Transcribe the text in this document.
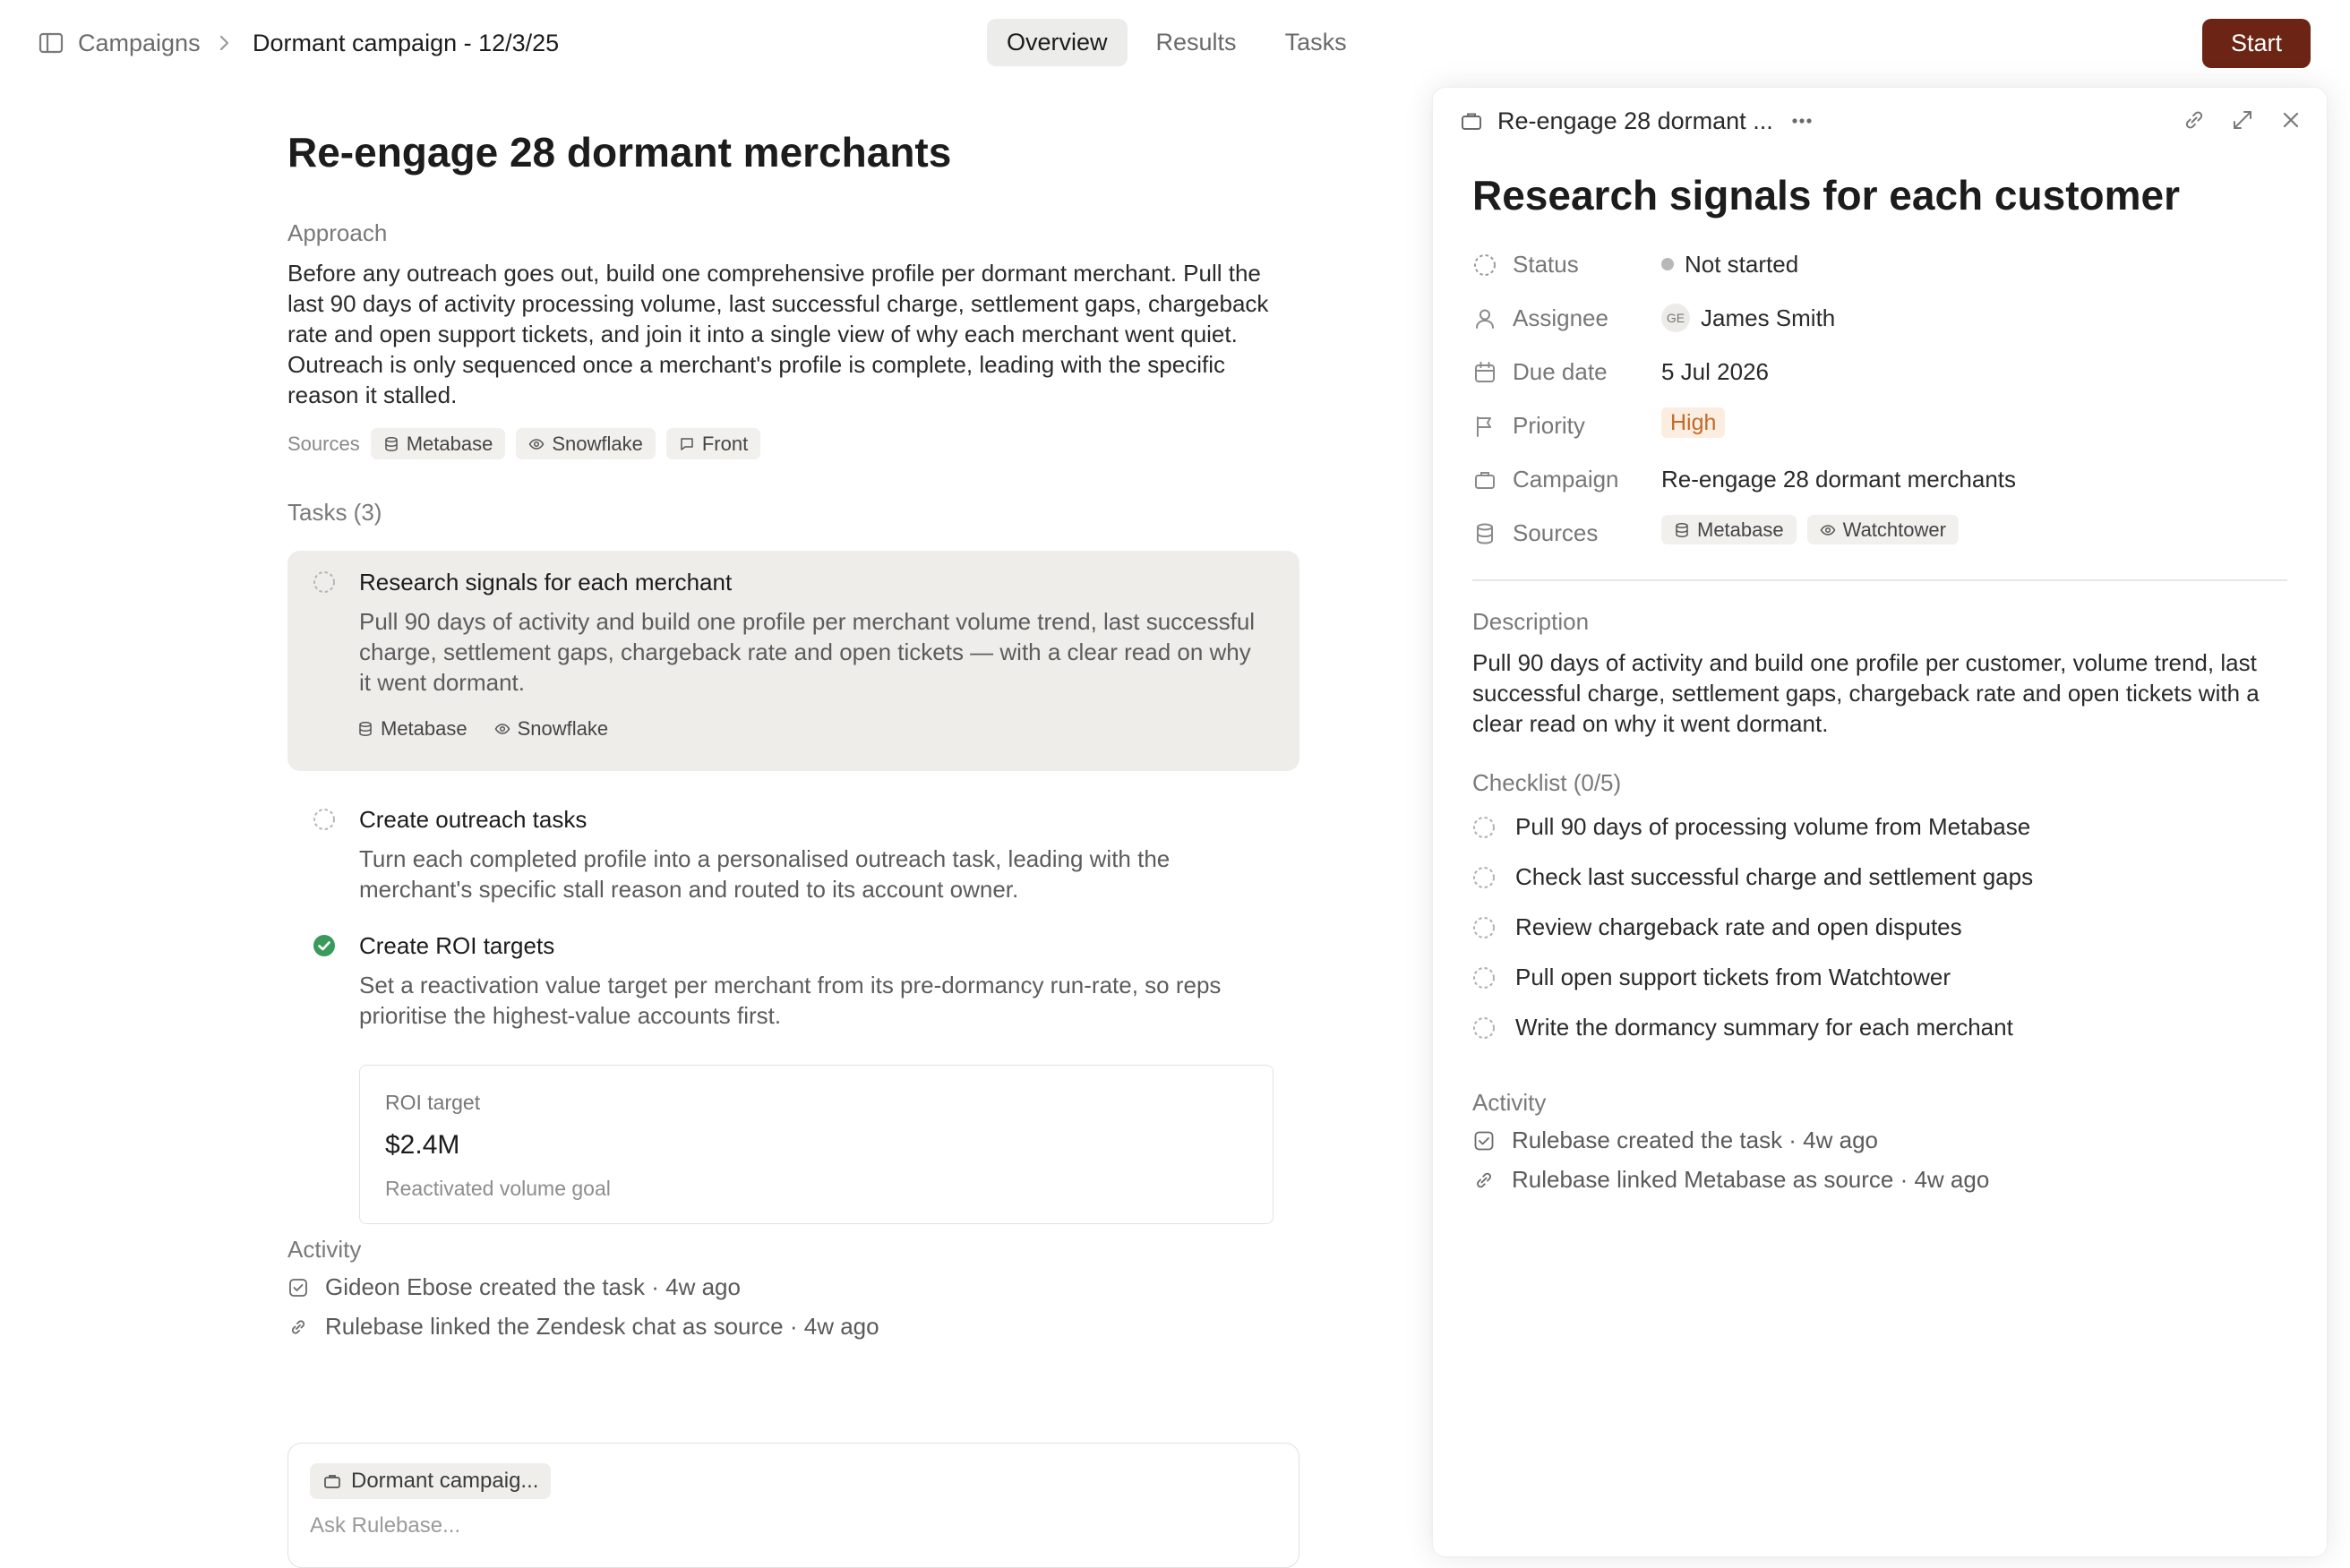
Campaigns Dormant campaign - 12/3/25	Overview	Results	Tasks	Start
Re-engage 28 dormant merchants
Approach

Before any outreach goes out, build one comprehensive profile per dormant merchant. Pull the last 90 days of activity processing volume, last successful charge, settlement gaps, chargeback rate and open support tickets, and join it into a single view of why each merchant went quiet. Outreach is only sequenced once a merchant's profile is complete, leading with the specific reason it stalled.

Sources Metabase	Snowflake	Front
Tasks (3)
Research signals for each merchant

Pull 90 days of activity and build one profile per merchant volume trend, last successful charge, settlement gaps, chargeback rate and open tickets — with a clear read on why it went dormant.

Metabase	Snowflake
Create outreach tasks

Turn each completed profile into a personalised outreach task, leading with the merchant's specific stall reason and routed to its account owner.

Create ROI targets

Set a reactivation value target per merchant from its pre-dormancy run-rate, so reps prioritise the highest-value accounts first.

ROI target
$2.4M
Reactivated volume goal
Activity
Gideon Ebose created the task · 4w ago
Rulebase linked the Zendesk chat as source · 4w ago
Dormant campaig...
Ask Rulebase...
Re-engage 28 dormant ...
Research signals for each customer
Status	Not started
Assignee	GE James Smith
Due date 5 Jul 2026
Priority	High
Campaign Re-engage 28 dormant merchants
Sources	Metabase	Watchtower
Description

Pull 90 days of activity and build one profile per customer, volume trend, last successful charge, settlement gaps, chargeback rate and open tickets with a clear read on why it went dormant.

Checklist (0/5)
Pull 90 days of processing volume from Metabase
Check last successful charge and settlement gaps
Review chargeback rate and open disputes
Pull open support tickets from Watchtower
Write the dormancy summary for each merchant
Activity
Rulebase created the task · 4w ago
Rulebase linked Metabase as source · 4w ago
